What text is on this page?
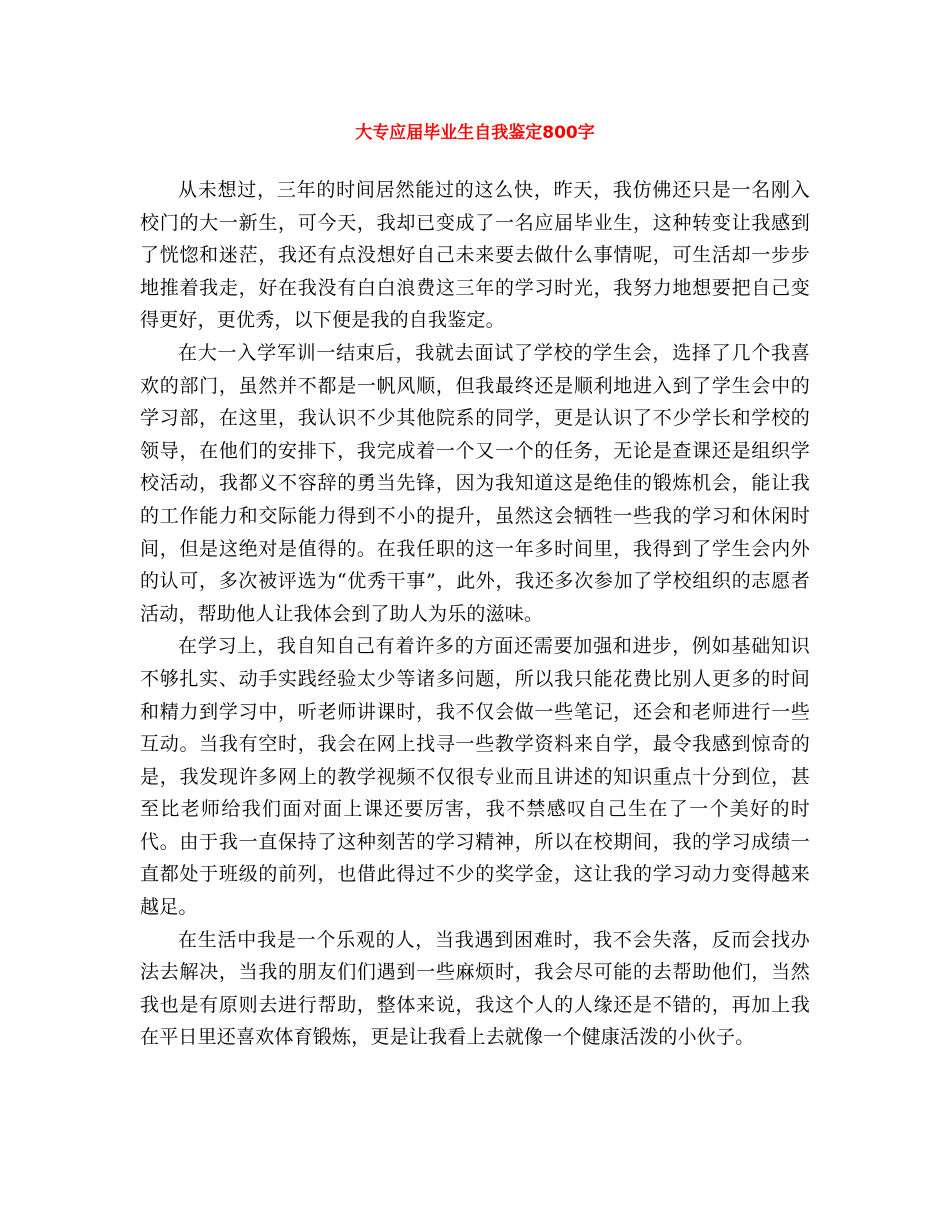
大专应届毕业生自我鉴定800字

从未想过，三年的时间居然能过的这么快，昨天，我仿佛还只是一名刚入校门的大一新生，可今天，我却已变成了一名应届毕业生，这种转变让我感到了恍惚和迷茫，我还有点没想好自己未来要去做什么事情呢，可生活却一步步地推着我走，好在我没有白白浪费这三年的学习时光，我努力地想要把自己变得更好，更优秀，以下便是我的自我鉴定。

在大一入学军训一结束后，我就去面试了学校的学生会，选择了几个我喜欢的部门，虽然并不都是一帆风顺，但我最终还是顺利地进入到了学生会中的学习部，在这里，我认识不少其他院系的同学，更是认识了不少学长和学校的领导，在他们的安排下，我完成着一个又一个的任务，无论是查课还是组织学校活动，我都义不容辞的勇当先锋，因为我知道这是绝佳的锻炼机会，能让我的工作能力和交际能力得到不小的提升，虽然这会牺牲一些我的学习和休闲时间，但是这绝对是值得的。在我任职的这一年多时间里，我得到了学生会内外的认可，多次被评选为“优秀干事”，此外，我还多次参加了学校组织的志愿者活动，帮助他人让我体会到了助人为乐的滋味。

在学习上，我自知自己有着许多的方面还需要加强和进步，例如基础知识不够扎实、动手实践经验太少等诸多问题，所以我只能花费比别人更多的时间和精力到学习中，听老师讲课时，我不仅会做一些笔记，还会和老师进行一些互动。当我有空时，我会在网上找寻一些教学资料来自学，最令我感到惊奇的是，我发现许多网上的教学视频不仅很专业而且讲述的知识重点十分到位，甚至比老师给我们面对面上课还要厉害，我不禁感叹自己生在了一个美好的时代。由于我一直保持了这种刻苦的学习精神，所以在校期间，我的学习成绩一直都处于班级的前列，也借此得过不少的奖学金，这让我的学习动力变得越来越足。

在生活中我是一个乐观的人，当我遇到困难时，我不会失落，反而会找办法去解决，当我的朋友们们遇到一些麻烦时，我会尽可能的去帮助他们，当然我也是有原则去进行帮助，整体来说，我这个人的人缘还是不错的，再加上我在平日里还喜欢体育锻炼，更是让我看上去就像一个健康活泼的小伙子。
